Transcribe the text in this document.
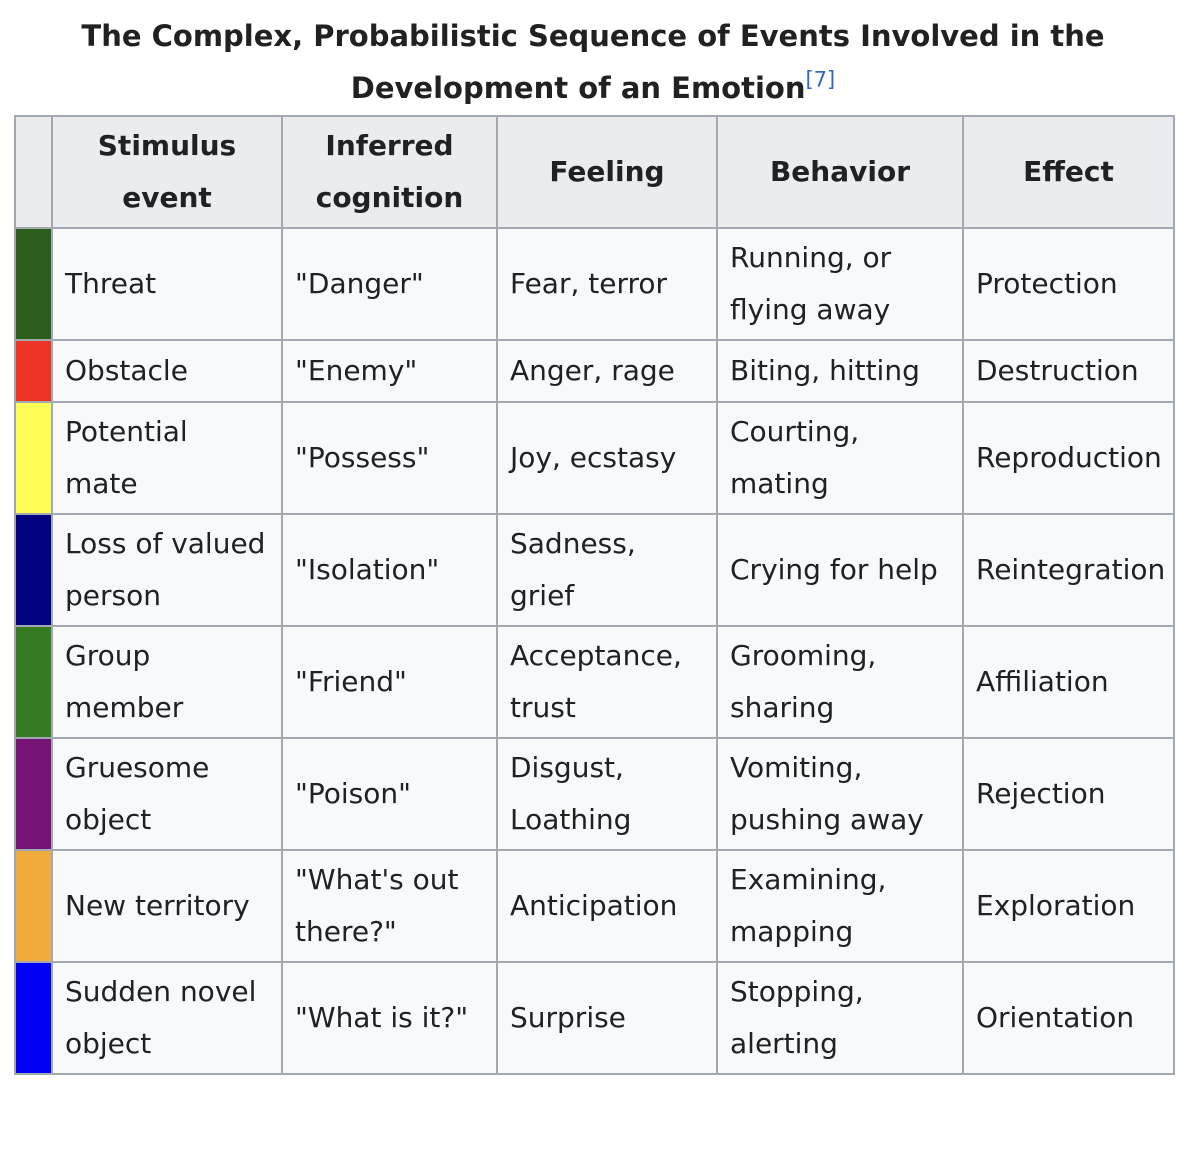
The Complex, Probabilistic Sequence of Events Involved in the Development of an Emotion[7]
	Stimulus event	Inferred cognition	Feeling	Behavior	Effect
	Threat	"Danger"	Fear, terror	Running, or flying away	Protection
	Obstacle	"Enemy"	Anger, rage	Biting, hitting	Destruction
	Potential mate	"Possess"	Joy, ecstasy	Courting, mating	Reproduction
	Loss of valued person	"Isolation"	Sadness, grief	Crying for help	Reintegration
	Group member	"Friend"	Acceptance, trust	Grooming, sharing	Affiliation
	Gruesome object	"Poison"	Disgust, Loathing	Vomiting, pushing away	Rejection
	New territory	"What's out there?"	Anticipation	Examining, mapping	Exploration
	Sudden novel object	"What is it?"	Surprise	Stopping, alerting	Orientation
